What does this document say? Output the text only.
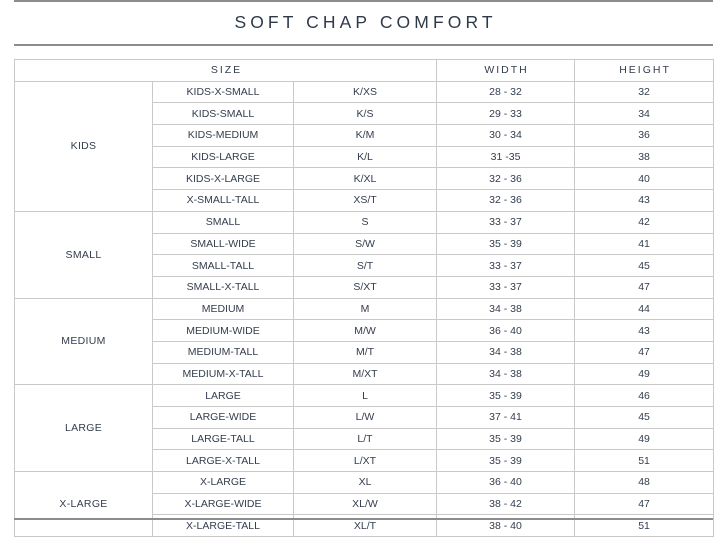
SOFT CHAP COMFORT
SIZE			WIDTH	HEIGHT
KIDS	KIDS-X-SMALL	K/XS	28 - 32	32
	KIDS-SMALL	K/S	29 - 33	34
	KIDS-MEDIUM	K/M	30 - 34	36
	KIDS-LARGE	K/L	31 -35	38
	KIDS-X-LARGE	K/XL	32 - 36	40
	X-SMALL-TALL	XS/T	32 - 36	43
SMALL	SMALL	S	33 - 37	42
	SMALL-WIDE	S/W	35 - 39	41
	SMALL-TALL	S/T	33 - 37	45
	SMALL-X-TALL	S/XT	33 - 37	47
MEDIUM	MEDIUM	M	34 - 38	44
	MEDIUM-WIDE	M/W	36 - 40	43
	MEDIUM-TALL	M/T	34 - 38	47
	MEDIUM-X-TALL	M/XT	34 - 38	49
LARGE	LARGE	L	35 - 39	46
	LARGE-WIDE	L/W	37 - 41	45
	LARGE-TALL	L/T	35 - 39	49
	LARGE-X-TALL	L/XT	35 - 39	51
X-LARGE	X-LARGE	XL	36 - 40	48
	X-LARGE-WIDE	XL/W	38 - 42	47
	X-LARGE-TALL	XL/T	38 - 40	51
